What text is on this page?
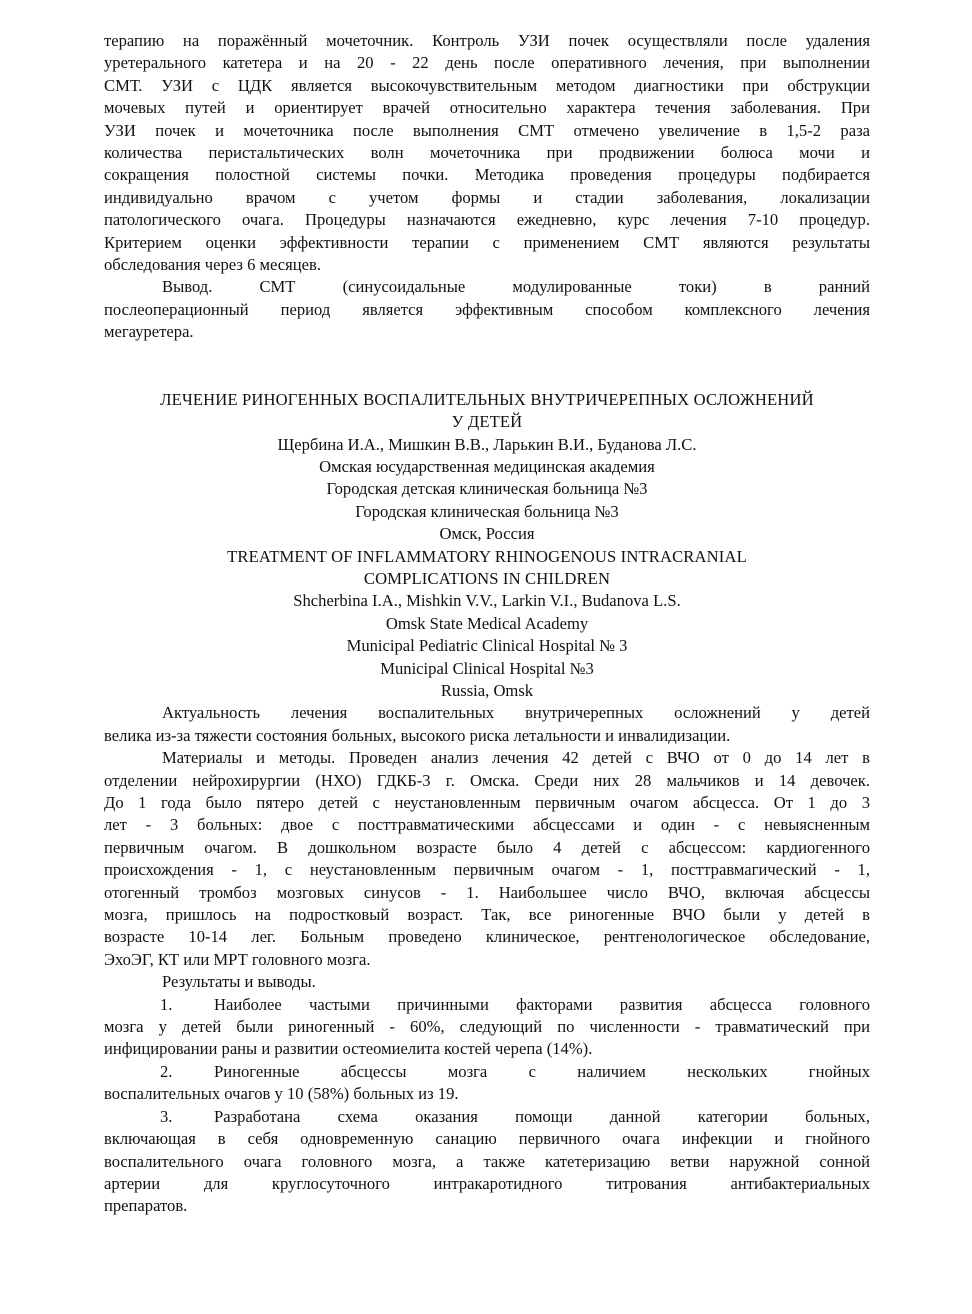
терапию на поражённый мочеточник. Контроль УЗИ почек осуществляли после удаления

уретерального катетера и на 20 - 22 день после оперативного лечения, при выполнении

СМТ. УЗИ с ЦДК является высокочувствительным методом диагностики при обструкции

мочевых путей и ориентирует врачей относительно характера течения заболевания. При

УЗИ почек и мочеточника после выполнения СМТ отмечено увеличение в 1,5-2 раза

количества перистальтических волн мочеточника при продвижении болюса мочи и

сокращения полостной системы почки. Методика проведения процедуры подбирается

индивидуально врачом с учетом формы и стадии заболевания, локализации

патологического очага. Процедуры назначаются ежедневно, курс лечения 7-10 процедур.

Критерием оценки эффективности терапии с применением СМТ являются результаты

обследования через 6 месяцев.

Вывод. СМТ (синусоидальные модулированные токи) в ранний

послеоперационный период является эффективным способом комплексного лечения

мегауретера.

ЛЕЧЕНИЕ РИНОГЕННЫХ ВОСПАЛИТЕЛЬНЫХ ВНУТРИЧЕРЕПНЫХ ОСЛОЖНЕНИЙ

У ДЕТЕЙ

Щербина И.А., Мишкин В.В., Ларькин В.И., Буданова Л.С.

Омская юсударственная медицинская академия

Городская детская клиническая больница №3

Городская клиническая больница №3

Омск, Россия

TREATMENT OF INFLAMMATORY RHINOGENOUS INTRACRANIAL

COMPLICATIONS IN CHILDREN

Shcherbina I.A., Mishkin V.V., Larkin V.I., Budanova L.S.

Omsk State Medical Academy

Municipal Pediatric Clinical Hospital № 3

Municipal Clinical Hospital №3

Russia, Omsk

Актуальность лечения воспалительных внутричерепных осложнений у детей

велика из-за тяжести состояния больных, высокого риска летальности и инвалидизации.

Материалы и методы. Проведен анализ лечения 42 детей с ВЧО от 0 до 14 лет в

отделении нейрохирургии (НХО) ГДКБ-3 г. Омска. Среди них 28 мальчиков и 14 девочек.

До 1 года было пятеро детей с неустановленным первичным очагом абсцесса. От 1 до 3

лет - 3 больных: двое с посттравматическими абсцессами и один - с невыясненным

первичным очагом. В дошкольном возрасте было 4 детей с абсцессом: кардиогенного

происхождения - 1, с неустановленным первичным очагом - 1, посттравмагический - 1,

отогенный тромбоз мозговых синусов - 1. Наибольшее число ВЧО, включая абсцессы

мозга, пришлось на подростковый возраст. Так, все риногенные ВЧО были у детей в

возрасте 10-14 лег. Больным проведено клиническое, рентгенологическое обследование,

ЭхоЭГ, КТ или МРТ головного мозга.

Результаты и выводы.

1.	Наиболее частыми причинными факторами развития абсцесса головного

мозга у детей были риногенный - 60%, следующий по численности - травматический при

инфицировании раны и развитии остеомиелита костей черепа (14%).

2.	Риногенные абсцессы мозга с наличием нескольких гнойных

воспалительных очагов у 10 (58%) больных из 19.

3.	Разработана схема оказания помощи данной категории больных,

включающая в себя одновременную санацию первичного очага инфекции и гнойного

воспалительного очага головного мозга, а также катетеризацию ветви наружной сонной

артерии для круглосуточного интракаротидного титрования антибактериальных

препаратов.
